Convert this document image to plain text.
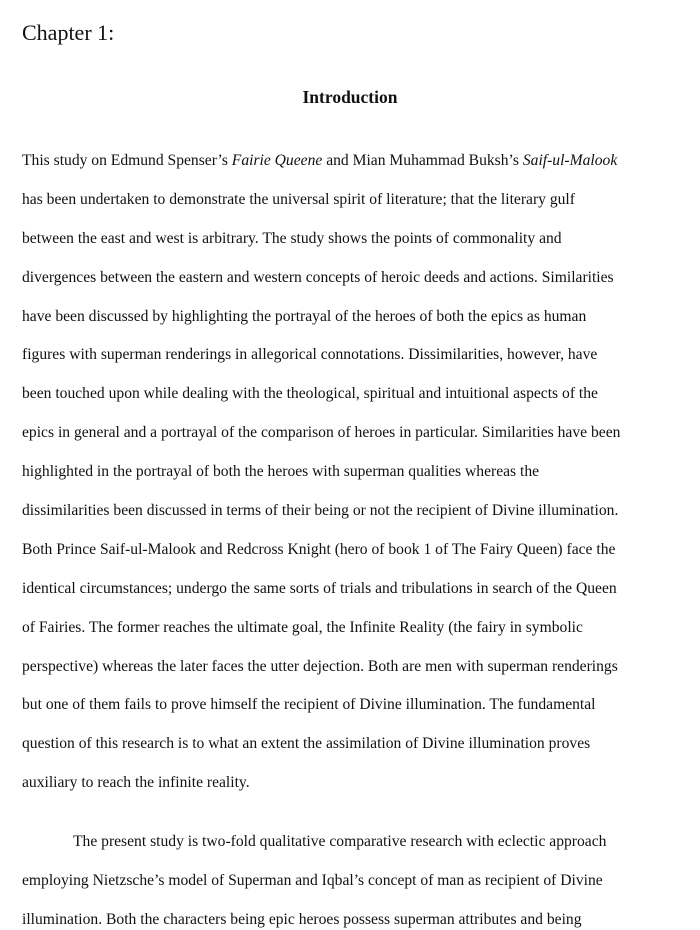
Chapter 1:
Introduction

This study on Edmund Spenser’s Fairie Queene and Mian Muhammad Buksh’s Saif-ul-Malook

has been undertaken to demonstrate the universal spirit of literature; that the literary gulf

between the east and west is arbitrary. The study shows the points of commonality and

divergences between the eastern and western concepts of heroic deeds and actions. Similarities

have been discussed by highlighting the portrayal of the heroes of both the epics as human

figures with superman renderings in allegorical connotations. Dissimilarities, however, have

been touched upon while dealing with the theological, spiritual and intuitional aspects of the

epics in general and a portrayal of the comparison of heroes in particular. Similarities have been

highlighted in the portrayal of both the heroes with superman qualities whereas the

dissimilarities been discussed in terms of their being or not the recipient of Divine illumination.

Both Prince Saif-ul-Malook and Redcross Knight (hero of book 1 of The Fairy Queen) face the

identical circumstances; undergo the same sorts of trials and tribulations in search of the Queen

of Fairies. The former reaches the ultimate goal, the Infinite Reality (the fairy in symbolic

perspective) whereas the later faces the utter dejection. Both are men with superman renderings

but one of them fails to prove himself the recipient of Divine illumination. The fundamental

question of this research is to what an extent the assimilation of Divine illumination proves

auxiliary to reach the infinite reality.

The present study is two-fold qualitative comparative research with eclectic approach

employing Nietzsche’s model of Superman and Iqbal’s concept of man as recipient of Divine

illumination. Both the characters being epic heroes possess superman attributes and being
